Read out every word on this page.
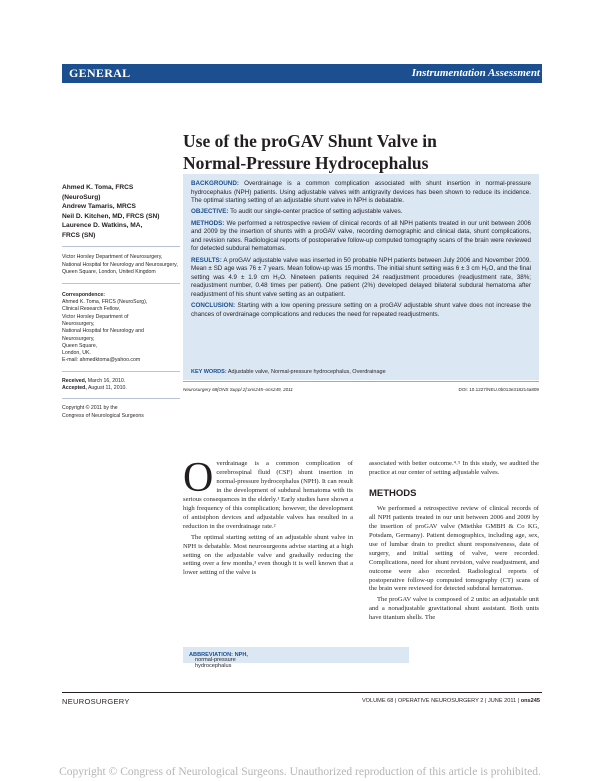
GENERAL	Instrumentation Assessment
Use of the proGAV Shunt Valve in
Normal-Pressure Hydrocephalus
Ahmed K. Toma, FRCS
(NeuroSurg)
Andrew Tamaris, MRCS
Neil D. Kitchen, MD, FRCS (SN)
Laurence D. Watkins, MA,
FRCS (SN)
Victor Horsley Department of Neurosurgery, National Hospital for Neurology and Neurosurgery, Queen Square, London, United Kingdom
Correspondence:
Ahmed K. Toma, FRCS (NeuroSurg),
Clinical Research Fellow,
Victor Horsley Department of
Neurosurgery,
National Hospital for Neurology and
Neurosurgery,
Queen Square,
London, UK.
E-mail: ahmedktoma@yahoo.com
Received, March 16, 2010.
Accepted, August 11, 2010.
Copyright © 2011 by the
Congress of Neurological Surgeons

BACKGROUND: Overdrainage is a common complication associated with shunt insertion in normal-pressure hydrocephalus (NPH) patients. Using adjustable valves with antigravity devices has been shown to reduce its incidence. The optimal starting setting of an adjustable shunt valve in NPH is debatable.

OBJECTIVE: To audit our single-center practice of setting adjustable valves.

METHODS: We performed a retrospective review of clinical records of all NPH patients treated in our unit between 2006 and 2009 by the insertion of shunts with a proGAV valve, recording demographic and clinical data, shunt complications, and revision rates. Radiological reports of postoperative follow-up computed tomography scans of the brain were reviewed for detected subdural hematomas.

RESULTS: A proGAV adjustable valve was inserted in 50 probable NPH patients between July 2006 and November 2009. Mean ± SD age was 76 ± 7 years. Mean follow-up was 15 months. The initial shunt setting was 6 ± 3 cm H₂O, and the final setting was 4.9 ± 1.9 cm H₂O. Nineteen patients required 24 readjustment procedures (readjustment rate, 38%; readjustment number, 0.48 times per patient). One patient (2%) developed delayed bilateral subdural hematoma after readjustment of his shunt valve setting as an outpatient.

CONCLUSION: Starting with a low opening pressure setting on a proGAV adjustable shunt valve does not increase the chances of overdrainage complications and reduces the need for repeated readjustments.

KEY WORDS: Adjustable valve, Normal-pressure hydrocephalus, Overdrainage
Neurosurgery 68[ONS Suppl 2]:ons245–ons249, 2011	DOI: 10.1227/NEU.0b013e318214a809

Overdrainage is a common complication of cerebrospinal fluid (CSF) shunt insertion in normal-pressure hydrocephalus (NPH). It can result in the development of subdural hematoma with its serious consequences in the elderly.¹ Early studies have shown a high frequency of this complication; however, the development of antisiphon devices and adjustable valves has resulted in a reduction in the overdrainage rate.²

The optimal starting setting of an adjustable shunt valve in NPH is debatable. Most neurosurgeons advise starting at a high setting on the adjustable valve and gradually reducing the setting over a few months,³ even though it is well known that a lower setting of the valve is

associated with better outcome.⁴˒⁵ In this study, we audited the practice at our center of setting adjustable valves.

METHODS

We performed a retrospective review of clinical records of all NPH patients treated in our unit between 2006 and 2009 by the insertion of proGAV valve (Miethke GMBH & Co KG, Potsdam, Germany). Patient demographics, including age, sex, use of lumbar drain to predict shunt responsiveness, date of surgery, and initial setting of valve, were recorded. Complications, need for shunt revision, valve readjustment, and outcome were also recorded. Radiological reports of postoperative follow-up computed tomography (CT) scans of the brain were reviewed for detected subdural hematomas.

The proGAV valve is composed of 2 units: an adjustable unit and a nonadjustable gravitational shunt assistant. Both units have titanium shells. The

ABBREVIATION: NPH,
normal-pressure hydrocephalus
NEUROSURGERY	VOLUME 68 | OPERATIVE NEUROSURGERY 2 | JUNE 2011 | ons245
Copyright © Congress of Neurological Surgeons. Unauthorized reproduction of this article is prohibited.
